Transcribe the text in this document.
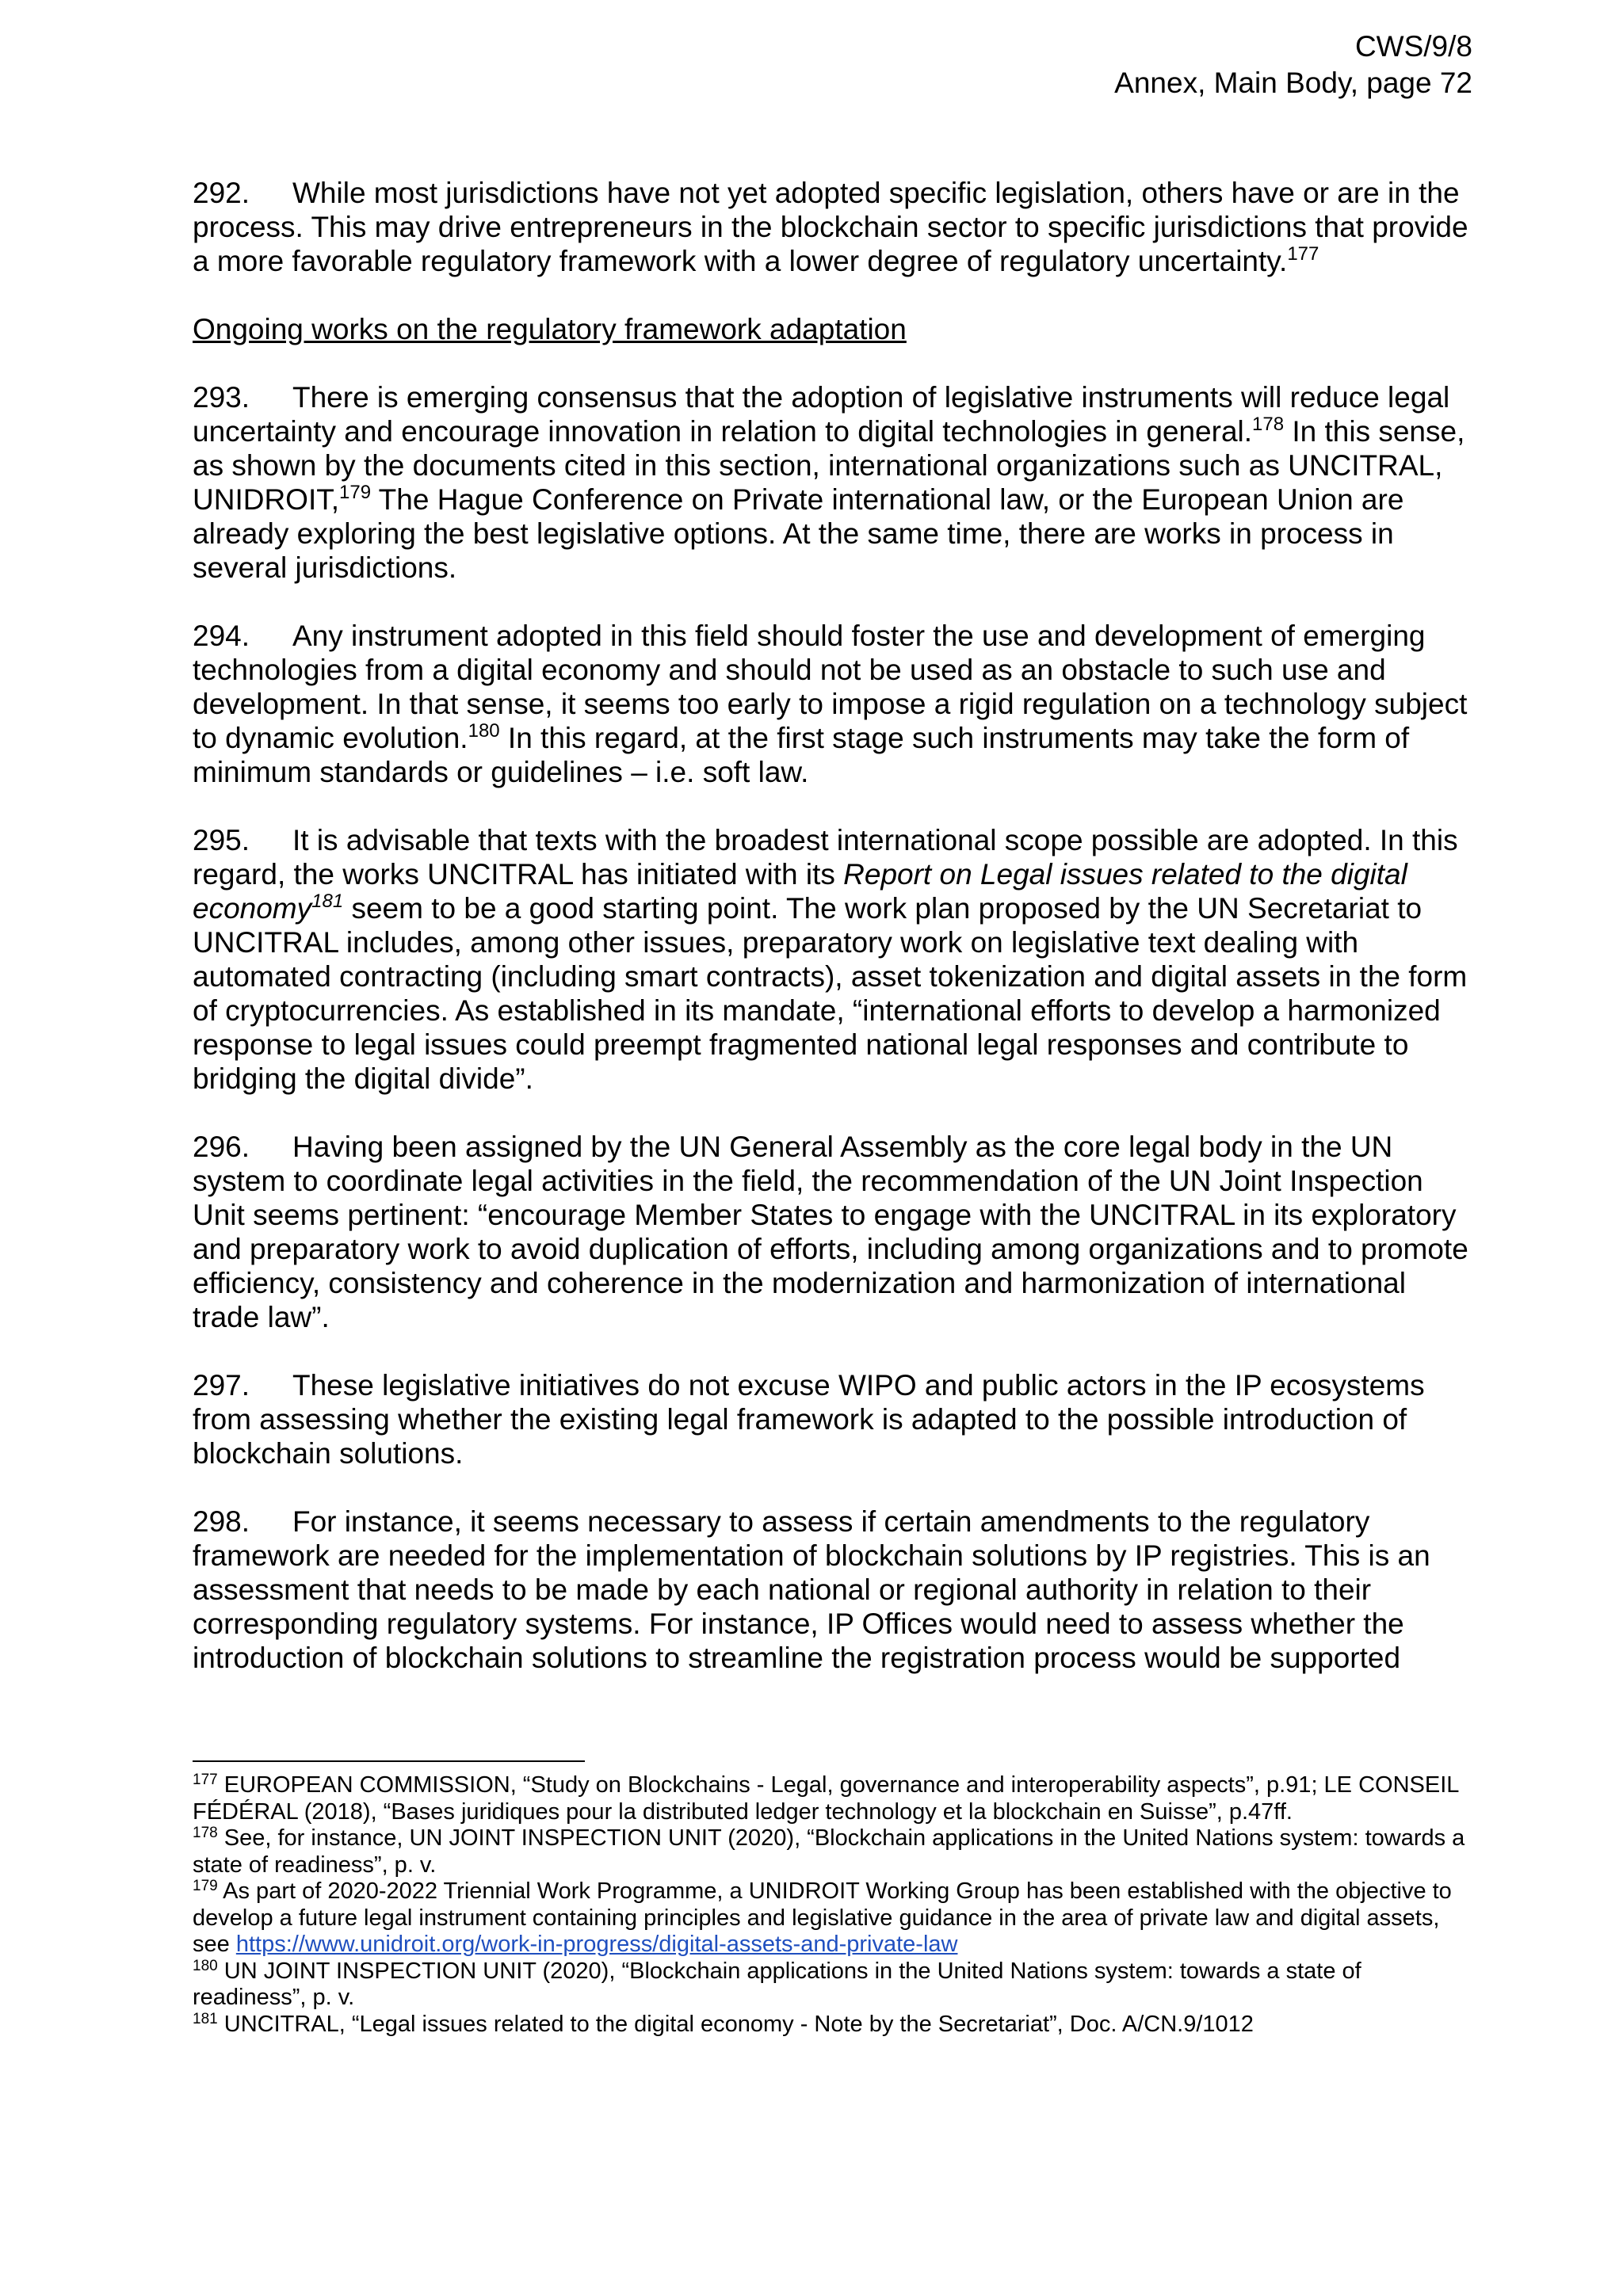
CWS/9/8
Annex, Main Body, page 72

292. While most jurisdictions have not yet adopted specific legislation, others have or are in the process. This may drive entrepreneurs in the blockchain sector to specific jurisdictions that provide a more favorable regulatory framework with a lower degree of regulatory uncertainty.$^{177}$

Ongoing works on the regulatory framework adaptation

293. There is emerging consensus that the adoption of legislative instruments will reduce legal uncertainty and encourage innovation in relation to digital technologies in general.$^{178}$ In this sense, as shown by the documents cited in this section, international organizations such as UNCITRAL, UNIDROIT,$^{179}$ The Hague Conference on Private international law, or the European Union are already exploring the best legislative options. At the same time, there are works in process in several jurisdictions.

294. Any instrument adopted in this field should foster the use and development of emerging technologies from a digital economy and should not be used as an obstacle to such use and development. In that sense, it seems too early to impose a rigid regulation on a technology subject to dynamic evolution.$^{180}$ In this regard, at the first stage such instruments may take the form of minimum standards or guidelines – i.e. soft law.

295. It is advisable that texts with the broadest international scope possible are adopted. In this regard, the works UNCITRAL has initiated with its Report on Legal issues related to the digital economy$^{181}$ seem to be a good starting point. The work plan proposed by the UN Secretariat to UNCITRAL includes, among other issues, preparatory work on legislative text dealing with automated contracting (including smart contracts), asset tokenization and digital assets in the form of cryptocurrencies. As established in its mandate, “international efforts to develop a harmonized response to legal issues could preempt fragmented national legal responses and contribute to bridging the digital divide”.

296. Having been assigned by the UN General Assembly as the core legal body in the UN system to coordinate legal activities in the field, the recommendation of the UN Joint Inspection Unit seems pertinent: “encourage Member States to engage with the UNCITRAL in its exploratory and preparatory work to avoid duplication of efforts, including among organizations and to promote efficiency, consistency and coherence in the modernization and harmonization of international trade law”.

297. These legislative initiatives do not excuse WIPO and public actors in the IP ecosystems from assessing whether the existing legal framework is adapted to the possible introduction of blockchain solutions.

298. For instance, it seems necessary to assess if certain amendments to the regulatory framework are needed for the implementation of blockchain solutions by IP registries. This is an assessment that needs to be made by each national or regional authority in relation to their corresponding regulatory systems. For instance, IP Offices would need to assess whether the introduction of blockchain solutions to streamline the registration process would be supported

$^{177}$ EUROPEAN COMMISSION, “Study on Blockchains - Legal, governance and interoperability aspects”, p.91; LE CONSEIL FÉDÉRAL (2018), “Bases juridiques pour la distributed ledger technology et la blockchain en Suisse”, p.47ff.

$^{178}$ See, for instance, UN JOINT INSPECTION UNIT (2020), “Blockchain applications in the United Nations system: towards a state of readiness”, p. v.

$^{179}$ As part of 2020-2022 Triennial Work Programme, a UNIDROIT Working Group has been established with the objective to develop a future legal instrument containing principles and legislative guidance in the area of private law and digital assets, see https://www.unidroit.org/work-in-progress/digital-assets-and-private-law

$^{180}$ UN JOINT INSPECTION UNIT (2020), “Blockchain applications in the United Nations system: towards a state of readiness”, p. v.

$^{181}$ UNCITRAL, “Legal issues related to the digital economy - Note by the Secretariat”, Doc. A/CN.9/1012
